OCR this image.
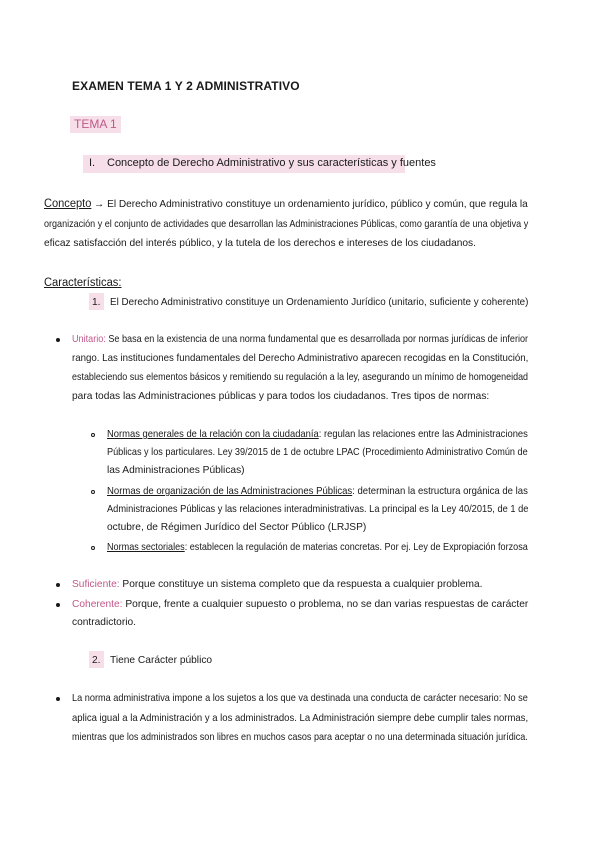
EXAMEN TEMA 1 Y 2 ADMINISTRATIVO
TEMA 1
I. Concepto de Derecho Administrativo y sus características y fuentes
Concepto → El Derecho Administrativo constituye un ordenamiento jurídico, público y común, que regula la
organización y el conjunto de actividades que desarrollan las Administraciones Públicas, como garantía de una objetiva y
eficaz satisfacción del interés público, y la tutela de los derechos e intereses de los ciudadanos.
Características:
1. El Derecho Administrativo constituye un Ordenamiento Jurídico (unitario, suficiente y coherente)
Unitario: Se basa en la existencia de una norma fundamental que es desarrollada por normas jurídicas de inferior
rango. Las instituciones fundamentales del Derecho Administrativo aparecen recogidas en la Constitución,
estableciendo sus elementos básicos y remitiendo su regulación a la ley, asegurando un mínimo de homogeneidad
para todas las Administraciones públicas y para todos los ciudadanos. Tres tipos de normas:
Normas generales de la relación con la ciudadanía: regulan las relaciones entre las Administraciones
Públicas y los particulares. Ley 39/2015 de 1 de octubre LPAC (Procedimiento Administrativo Común de
las Administraciones Públicas)
Normas de organización de las Administraciones Públicas: determinan la estructura orgánica de las
Administraciones Públicas y las relaciones interadministrativas. La principal es la Ley 40/2015, de 1 de
octubre, de Régimen Jurídico del Sector Público (LRJSP)
Normas sectoriales: establecen la regulación de materias concretas. Por ej. Ley de Expropiación forzosa
Suficiente: Porque constituye un sistema completo que da respuesta a cualquier problema.
Coherente: Porque, frente a cualquier supuesto o problema, no se dan varias respuestas de carácter
contradictorio.
2. Tiene Carácter público
La norma administrativa impone a los sujetos a los que va destinada una conducta de carácter necesario: No se
aplica igual a la Administración y a los administrados. La Administración siempre debe cumplir tales normas,
mientras que los administrados son libres en muchos casos para aceptar o no una determinada situación jurídica.
